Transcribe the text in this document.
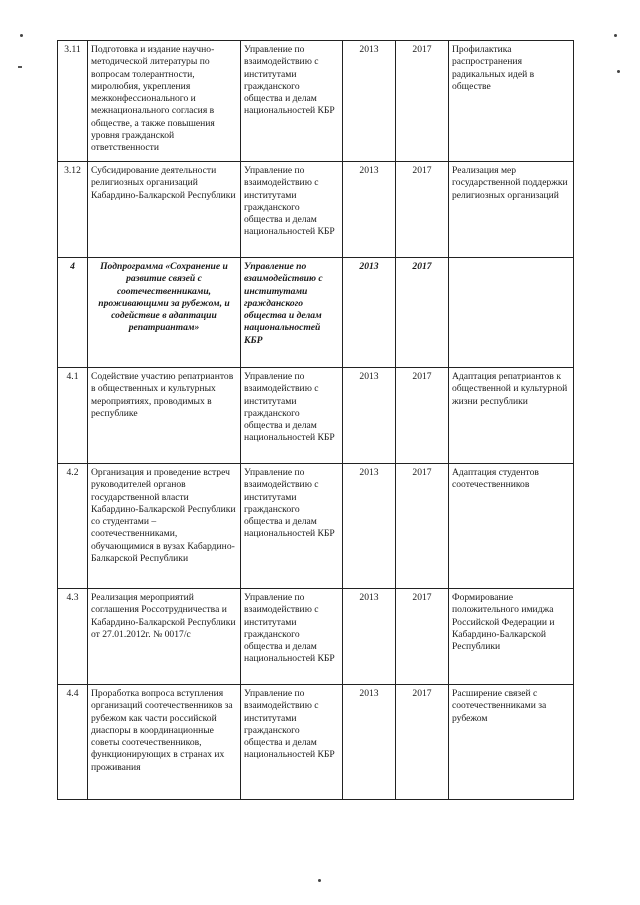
3.11	Подготовка и издание научно-методической литературы по вопросам толерантности, миролюбия, укрепления межконфессионального и межнационального согласия в обществе, а также повышения уровня гражданской ответственности	Управление по взаимодействию с институтами гражданского общества и делам национальностей КБР	2013	2017	Профилактика распространения радикальных идей в обществе
3.12	Субсидирование деятельности религиозных организаций Кабардино-Балкарской Республики	Управление по взаимодействию с институтами гражданского общества и делам национальностей КБР	2013	2017	Реализация мер государственной поддержки религиозных организаций
4	Подпрограмма «Сохранение и развитие связей с соотечественниками, проживающими за рубежом, и содействие в адаптации репатриантам»	Управление по взаимодействию с институтами гражданского общества и делам национальностей КБР	2013	2017	
4.1	Содействие участию репатриантов в общественных и культурных мероприятиях, проводимых в республике	Управление по взаимодействию с институтами гражданского общества и делам национальностей КБР	2013	2017	Адаптация репатриантов к общественной и культурной жизни республики
4.2	Организация и проведение встреч руководителей органов государственной власти Кабардино-Балкарской Республики со студентами – соотечественниками, обучающимися в вузах Кабардино-Балкарской Республики	Управление по взаимодействию с институтами гражданского общества и делам национальностей КБР	2013	2017	Адаптация студентов соотечественников
4.3	Реализация мероприятий соглашения Россотрудничества и Кабардино-Балкарской Республики от 27.01.2012г. № 0017/с	Управление по взаимодействию с институтами гражданского общества и делам национальностей КБР	2013	2017	Формирование положительного имиджа Российской Федерации и Кабардино-Балкарской Республики
4.4	Проработка вопроса вступления организаций соотечественников за рубежом как части российской диаспоры в координационные советы соотечественников, функционирующих в странах их проживания	Управление по взаимодействию с институтами гражданского общества и делам национальностей КБР	2013	2017	Расширение связей с соотечественниками за рубежом
